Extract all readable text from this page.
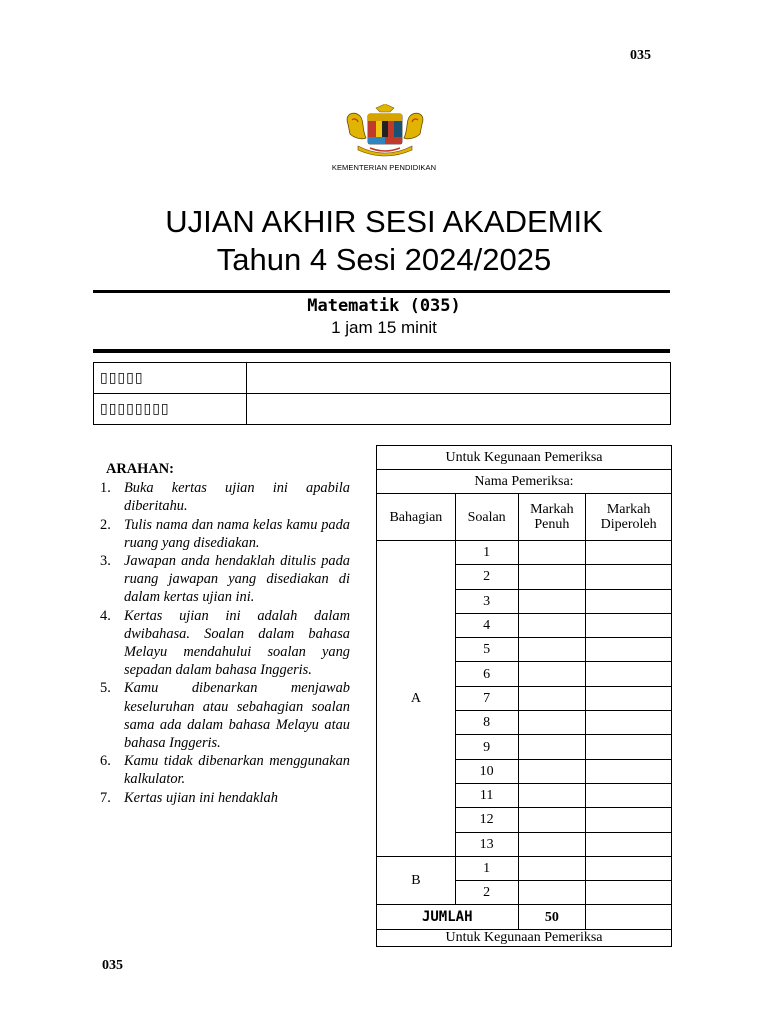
035
KEMENTERIAN PENDIDIKAN
UJIAN AKHIR SESI AKADEMIK
Tahun 4 Sesi 2024/2025
Matematik (035)
1 jam 15 minit
▯▯▯▯▯	
▯▯▯▯▯▯▯▯	
ARAHAN:
1. Buka kertas ujian ini apabila diberitahu.
2. Tulis nama dan nama kelas kamu pada ruang yang disediakan.
3. Jawapan anda hendaklah ditulis pada ruang jawapan yang disediakan di dalam kertas ujian ini.
4. Kertas ujian ini adalah dalam dwibahasa. Soalan dalam bahasa Melayu mendahului soalan yang sepadan dalam bahasa Inggeris.
5. Kamu dibenarkan menjawab keseluruhan atau sebahagian soalan sama ada dalam bahasa Melayu atau bahasa Inggeris.
6. Kamu tidak dibenarkan menggunakan kalkulator.
7. Kertas ujian ini hendaklah
Untuk Kegunaan Pemeriksa			
Nama Pemeriksa:			
Bahagian	Soalan	Markah Penuh	Markah Diperoleh
A	1		
	2		
	3		
	4		
	5		
	6		
	7		
	8		
	9		
	10		
	11		
	12		
	13		
B	1		
	2		
JUMLAH		50	
Untuk Kegunaan Pemeriksa			
035
